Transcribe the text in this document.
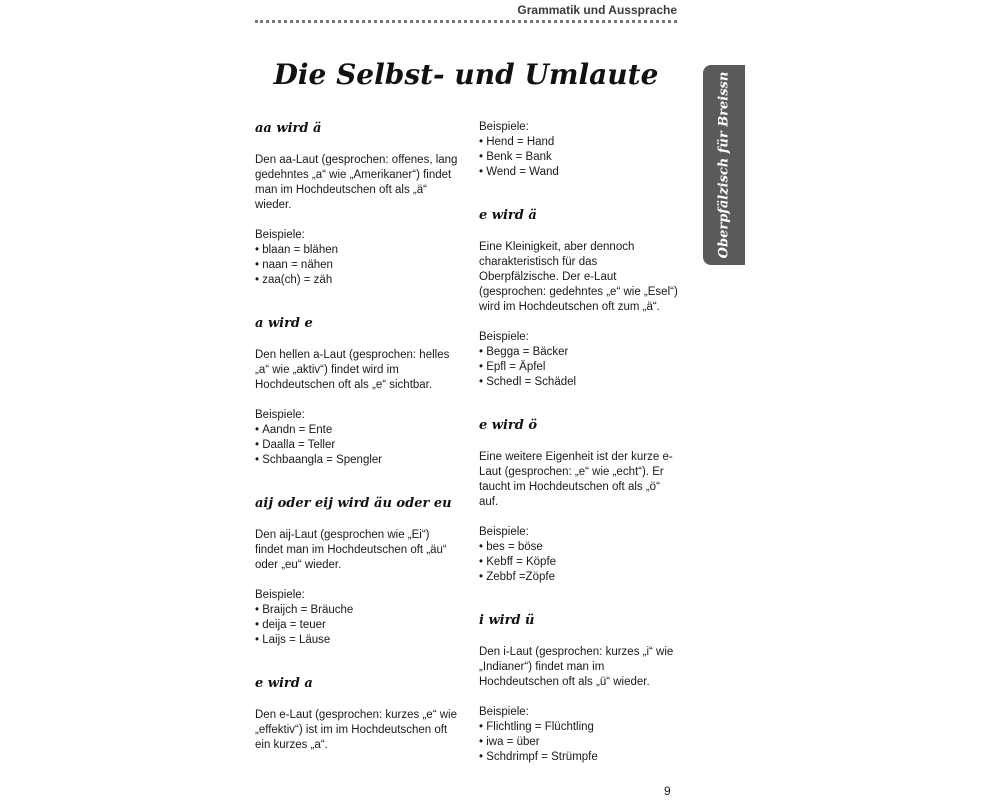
Grammatik und Aussprache
Die Selbst- und Umlaute
aa wird ä

Den aa-Laut (gesprochen: offenes, lang gedehntes „a“ wie „Amerikaner“) findet man im Hochdeutschen oft als „ä“ wieder.

Beispiele:
• blaan = blähen
• naan = nähen
• zaa(ch) = zäh
a wird e

Den hellen a-Laut (gesprochen: helles „a“ wie „aktiv“) findet wird im Hochdeutschen oft als „e“ sichtbar.

Beispiele:
• Aandn = Ente
• Daalla = Teller
• Schbaangla = Spengler
aij oder eij wird äu oder eu

Den aij-Laut (gesprochen wie „Ei“) findet man im Hochdeutschen oft „äu“ oder „eu“ wieder.

Beispiele:
• Braijch = Bräuche
• deija = teuer
• Laijs = Läuse
e wird a

Den e-Laut (gesprochen: kurzes „e“ wie „effektiv“) ist im im Hochdeutschen oft ein kurzes „a“.

Beispiele:
• Hend = Hand
• Benk = Bank
• Wend = Wand
e wird ä

Eine Kleinigkeit, aber dennoch charakteristisch für das Oberpfälzische. Der e-Laut (gesprochen: gedehntes „e“ wie „Esel“) wird im Hochdeutschen oft zum „ä“.

Beispiele:
• Begga = Bäcker
• Epfl = Äpfel
• Schedl = Schädel
e wird ö

Eine weitere Eigenheit ist der kurze e-Laut (gesprochen: „e“ wie „echt“). Er taucht im Hochdeutschen oft als „ö“ auf.

Beispiele:
• bes = böse
• Kebff = Köpfe
• Zebbf =Zöpfe
i wird ü

Den i-Laut (gesprochen: kurzes „i“ wie „Indianer“) findet man im Hochdeutschen oft als „ü“ wieder.

Beispiele:
• Flichtling = Flüchtling
• iwa = über
• Schdrimpf = Strümpfe
Oberpfälzisch für Breissn
9
